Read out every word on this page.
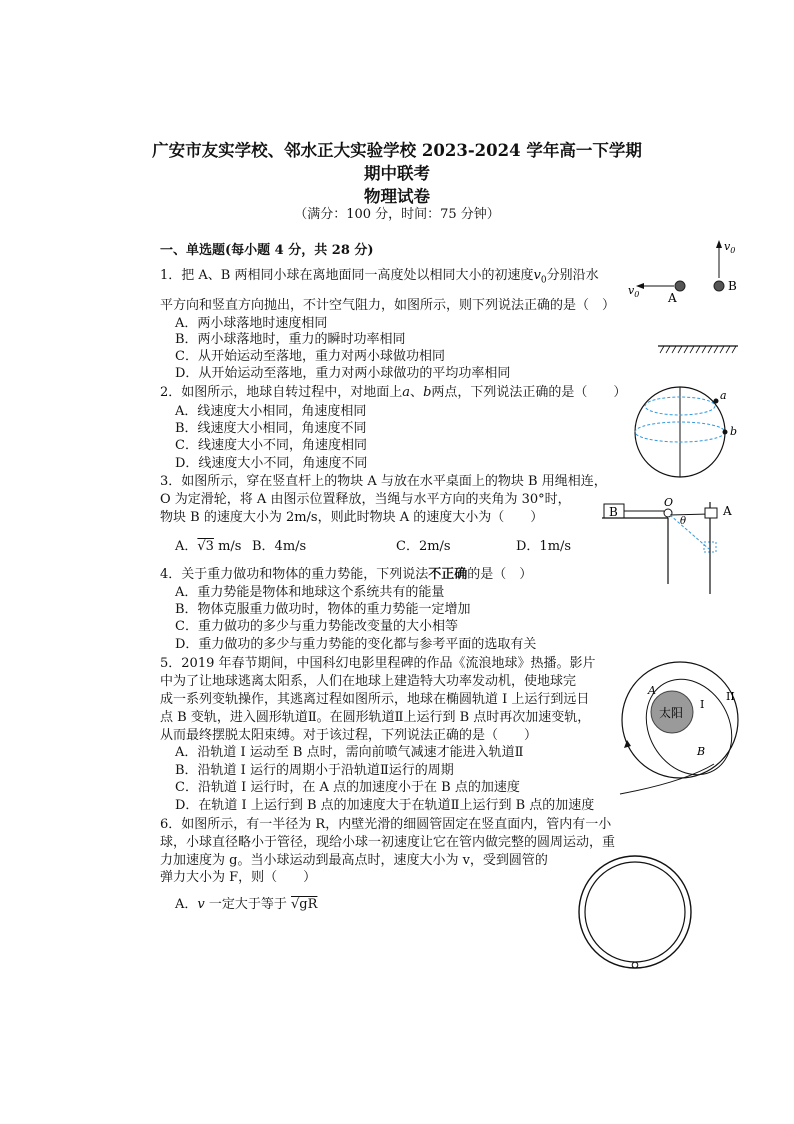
广安市友实学校、邻水正大实验学校 2023-2024 学年高一下学期
期中联考
物理试卷
（满分：100 分，时间：75 分钟）
一、单选题(每小题 4 分，共 28 分)
1．把 A、B 两相同小球在离地面同一高度处以相同大小的初速度$v_0$分别沿水
平方向和竖直方向抛出，不计空气阻力，如图所示，则下列说法正确的是（　）
A．两小球落地时速度相同
B．两小球落地时，重力的瞬时功率相同
C．从开始运动至落地，重力对两小球做功相同
D．从开始运动至落地，重力对两小球做功的平均功率相同
$v_0$
B
$v_0$ A
2．如图所示，地球自转过程中，对地面上a、b两点，下列说法正确的是（　　）
A．线速度大小相同，角速度相同
B．线速度大小相同，角速度不同
C．线速度大小不同，角速度相同
D．线速度大小不同，角速度不同
a
b
3．如图所示，穿在竖直杆上的物块 A 与放在水平桌面上的物块 B 用绳相连，
O 为定滑轮，将 A 由图示位置释放，当绳与水平方向的夹角为 30°时，
物块 B 的速度大小为 2m/s，则此时物块 A 的速度大小为（　　）
A．√3 m/s B．4m/s	C．2m/s	D．1m/s
B
O
θ
A
4．关于重力做功和物体的重力势能，下列说法不正确的是（　）
A．重力势能是物体和地球这个系统共有的能量
B．物体克服重力做功时，物体的重力势能一定增加
C．重力做功的多少与重力势能改变量的大小相等
D．重力做功的多少与重力势能的变化都与参考平面的选取有关
5．2019 年春节期间，中国科幻电影里程碑的作品《流浪地球》热播。影片
中为了让地球逃离太阳系，人们在地球上建造特大功率发动机，使地球完
成一系列变轨操作，其逃离过程如图所示，地球在椭圆轨道 I 上运行到远日
点 B 变轨，进入圆形轨道Ⅱ。在圆形轨道Ⅱ上运行到 B 点时再次加速变轨，
从而最终摆脱太阳束缚。对于该过程，下列说法正确的是（　　）
A．沿轨道 I 运动至 B 点时，需向前喷气减速才能进入轨道Ⅱ
B．沿轨道 I 运行的周期小于沿轨道Ⅱ运行的周期
C．沿轨道 I 运行时，在 A 点的加速度小于在 B 点的加速度
D．在轨道 I 上运行到 B 点的加速度大于在轨道Ⅱ上运行到 B 点的加速度
太阳
A
I
II
B
6．如图所示，有一半径为 R，内壁光滑的细圆管固定在竖直面内，管内有一小
球，小球直径略小于管径，现给小球一初速度让它在管内做完整的圆周运动，重
力加速度为 g。当小球运动到最高点时，速度大小为 v，受到圆管的
弹力大小为 F，则（　　）
A．v 一定大于等于 √gR
